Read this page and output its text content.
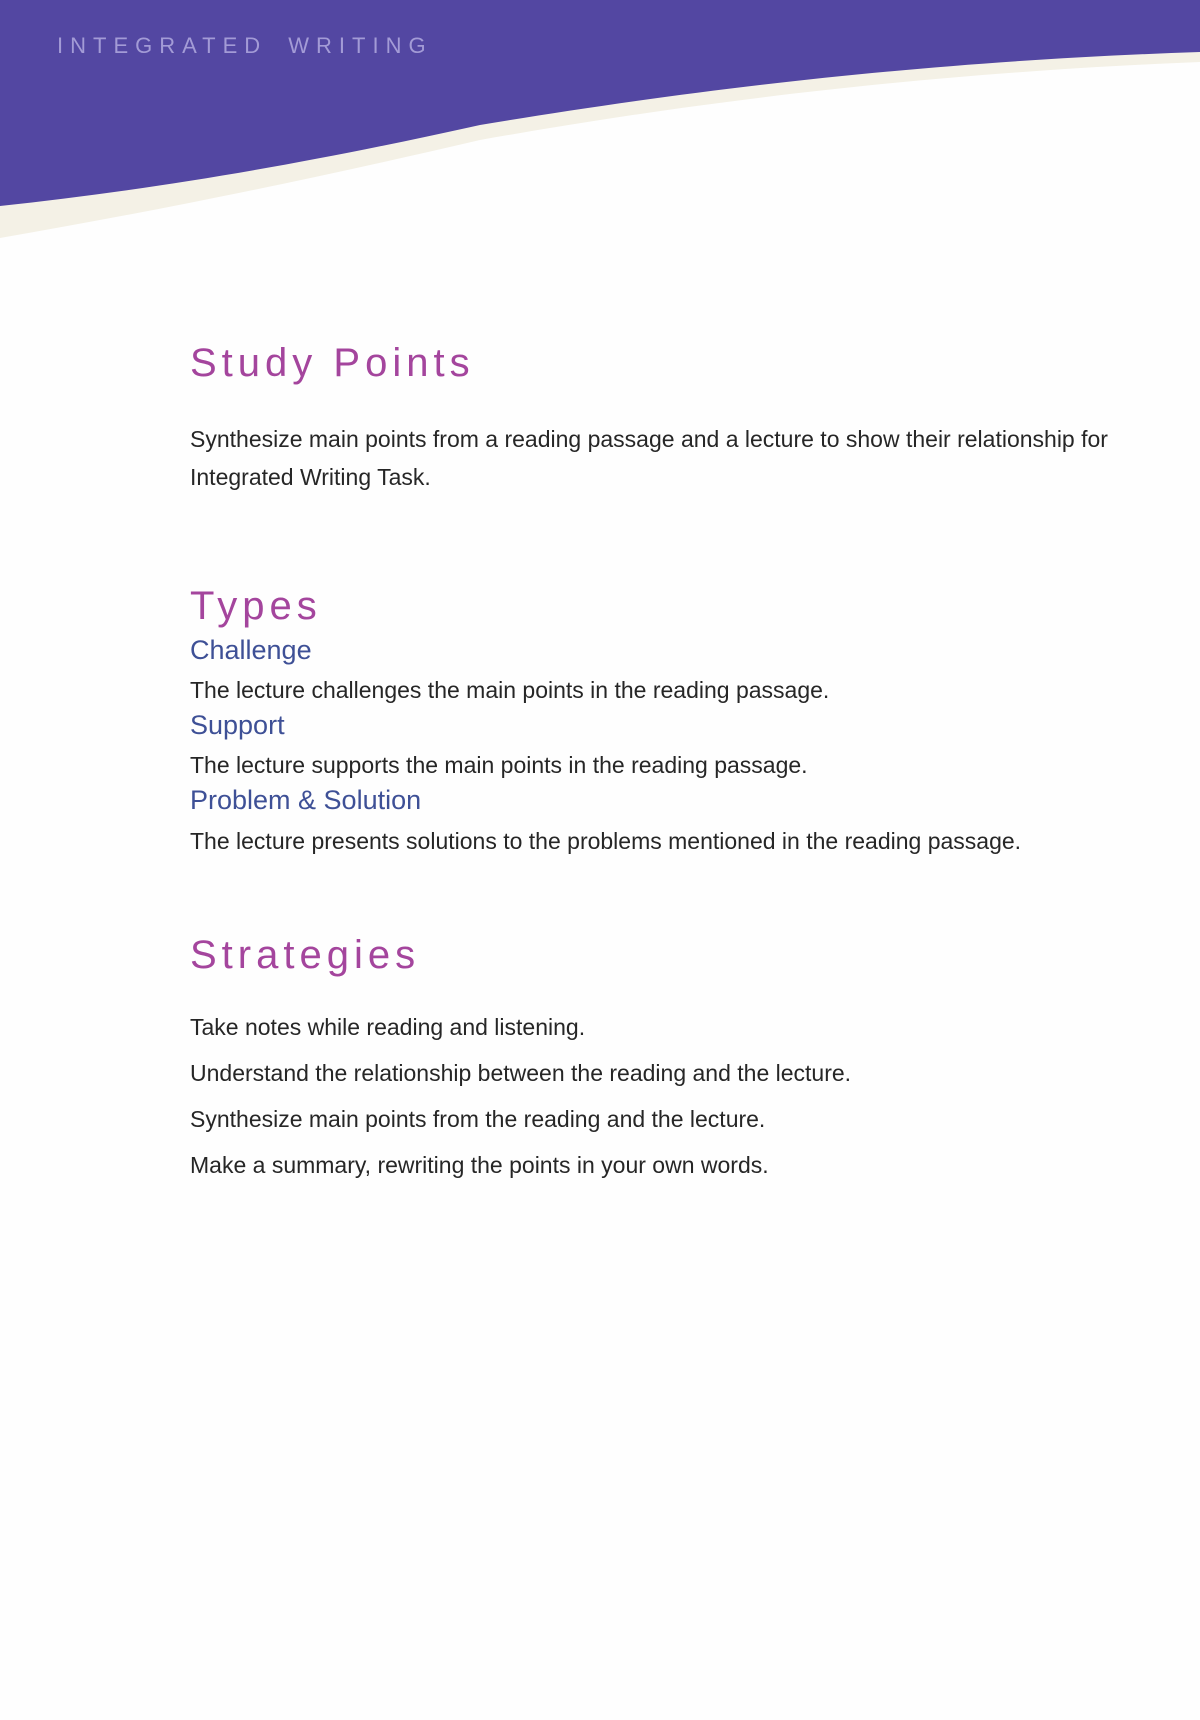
INTEGRATED WRITING
Study Points

Synthesize main points from a reading passage and a lecture to show their relationship for Integrated Writing Task.

Types
Challenge

The lecture challenges the main points in the reading passage.

Support

The lecture supports the main points in the reading passage.

Problem & Solution

The lecture presents solutions to the problems mentioned in the reading passage.

Strategies
Take notes while reading and listening.
Understand the relationship between the reading and the lecture.
Synthesize main points from the reading and the lecture.
Make a summary, rewriting the points in your own words.
